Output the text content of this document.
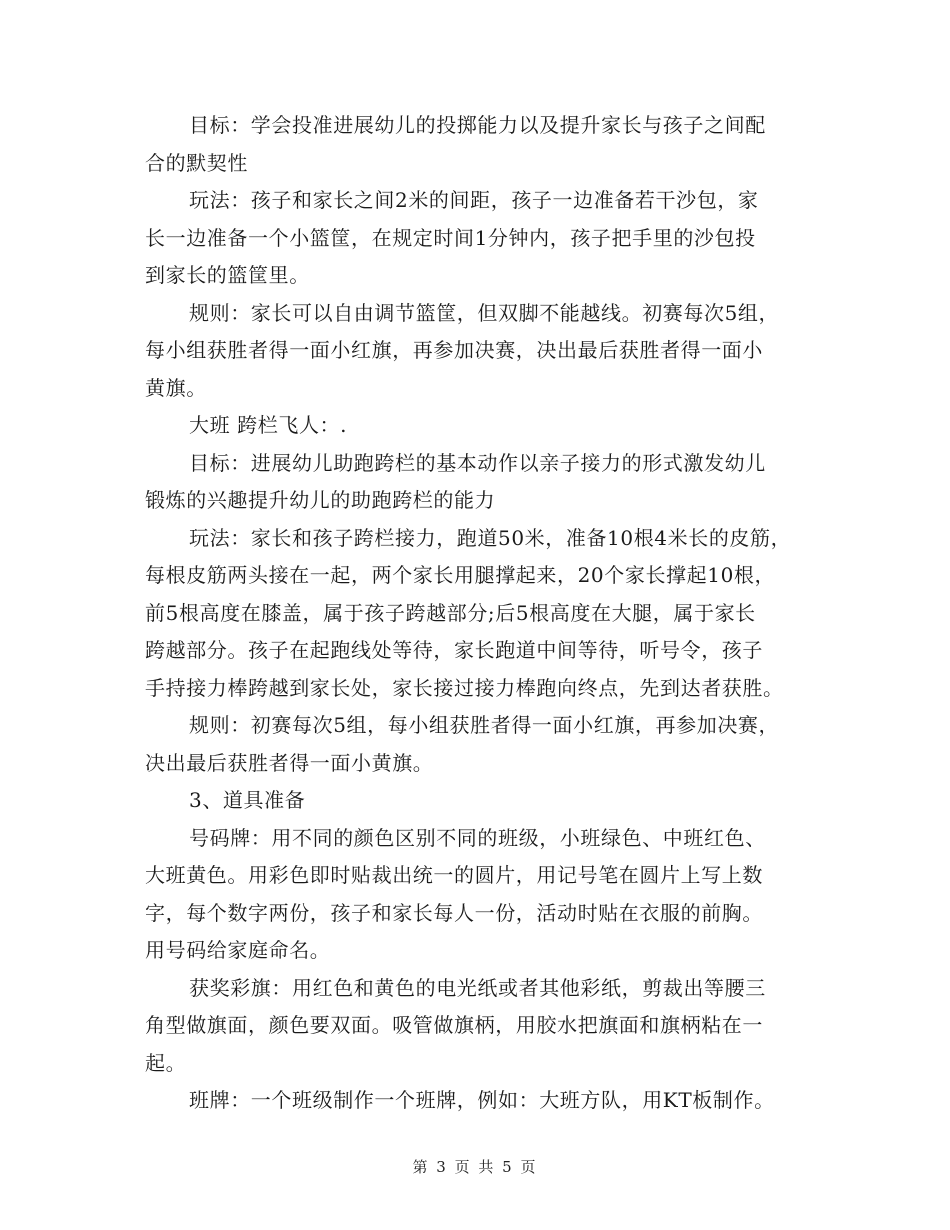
目标：学会投准进展幼儿的投掷能力以及提升家长与孩子之间配
合的默契性
玩法：孩子和家长之间2米的间距，孩子一边准备若干沙包，家
长一边准备一个小篮筐，在规定时间1分钟内，孩子把手里的沙包投
到家长的篮筐里。
规则：家长可以自由调节篮筐，但双脚不能越线。初赛每次5组，
每小组获胜者得一面小红旗，再参加决赛，决出最后获胜者得一面小
黄旗。
大班 跨栏飞人：.
目标：进展幼儿助跑跨栏的基本动作以亲子接力的形式激发幼儿
锻炼的兴趣提升幼儿的助跑跨栏的能力
玩法：家长和孩子跨栏接力，跑道50米，准备10根4米长的皮筋，
每根皮筋两头接在一起，两个家长用腿撑起来，20个家长撑起10根，
前5根高度在膝盖，属于孩子跨越部分;后5根高度在大腿，属于家长
跨越部分。孩子在起跑线处等待，家长跑道中间等待，听号令，孩子
手持接力棒跨越到家长处，家长接过接力棒跑向终点，先到达者获胜。
规则：初赛每次5组，每小组获胜者得一面小红旗，再参加决赛，
决出最后获胜者得一面小黄旗。
3、道具准备
号码牌：用不同的颜色区别不同的班级，小班绿色、中班红色、
大班黄色。用彩色即时贴裁出统一的圆片，用记号笔在圆片上写上数
字，每个数字两份，孩子和家长每人一份，活动时贴在衣服的前胸。
用号码给家庭命名。
获奖彩旗：用红色和黄色的电光纸或者其他彩纸，剪裁出等腰三
角型做旗面，颜色要双面。吸管做旗柄，用胶水把旗面和旗柄粘在一
起。
班牌：一个班级制作一个班牌，例如：大班方队，用KT板制作。
第 3 页 共 5 页
